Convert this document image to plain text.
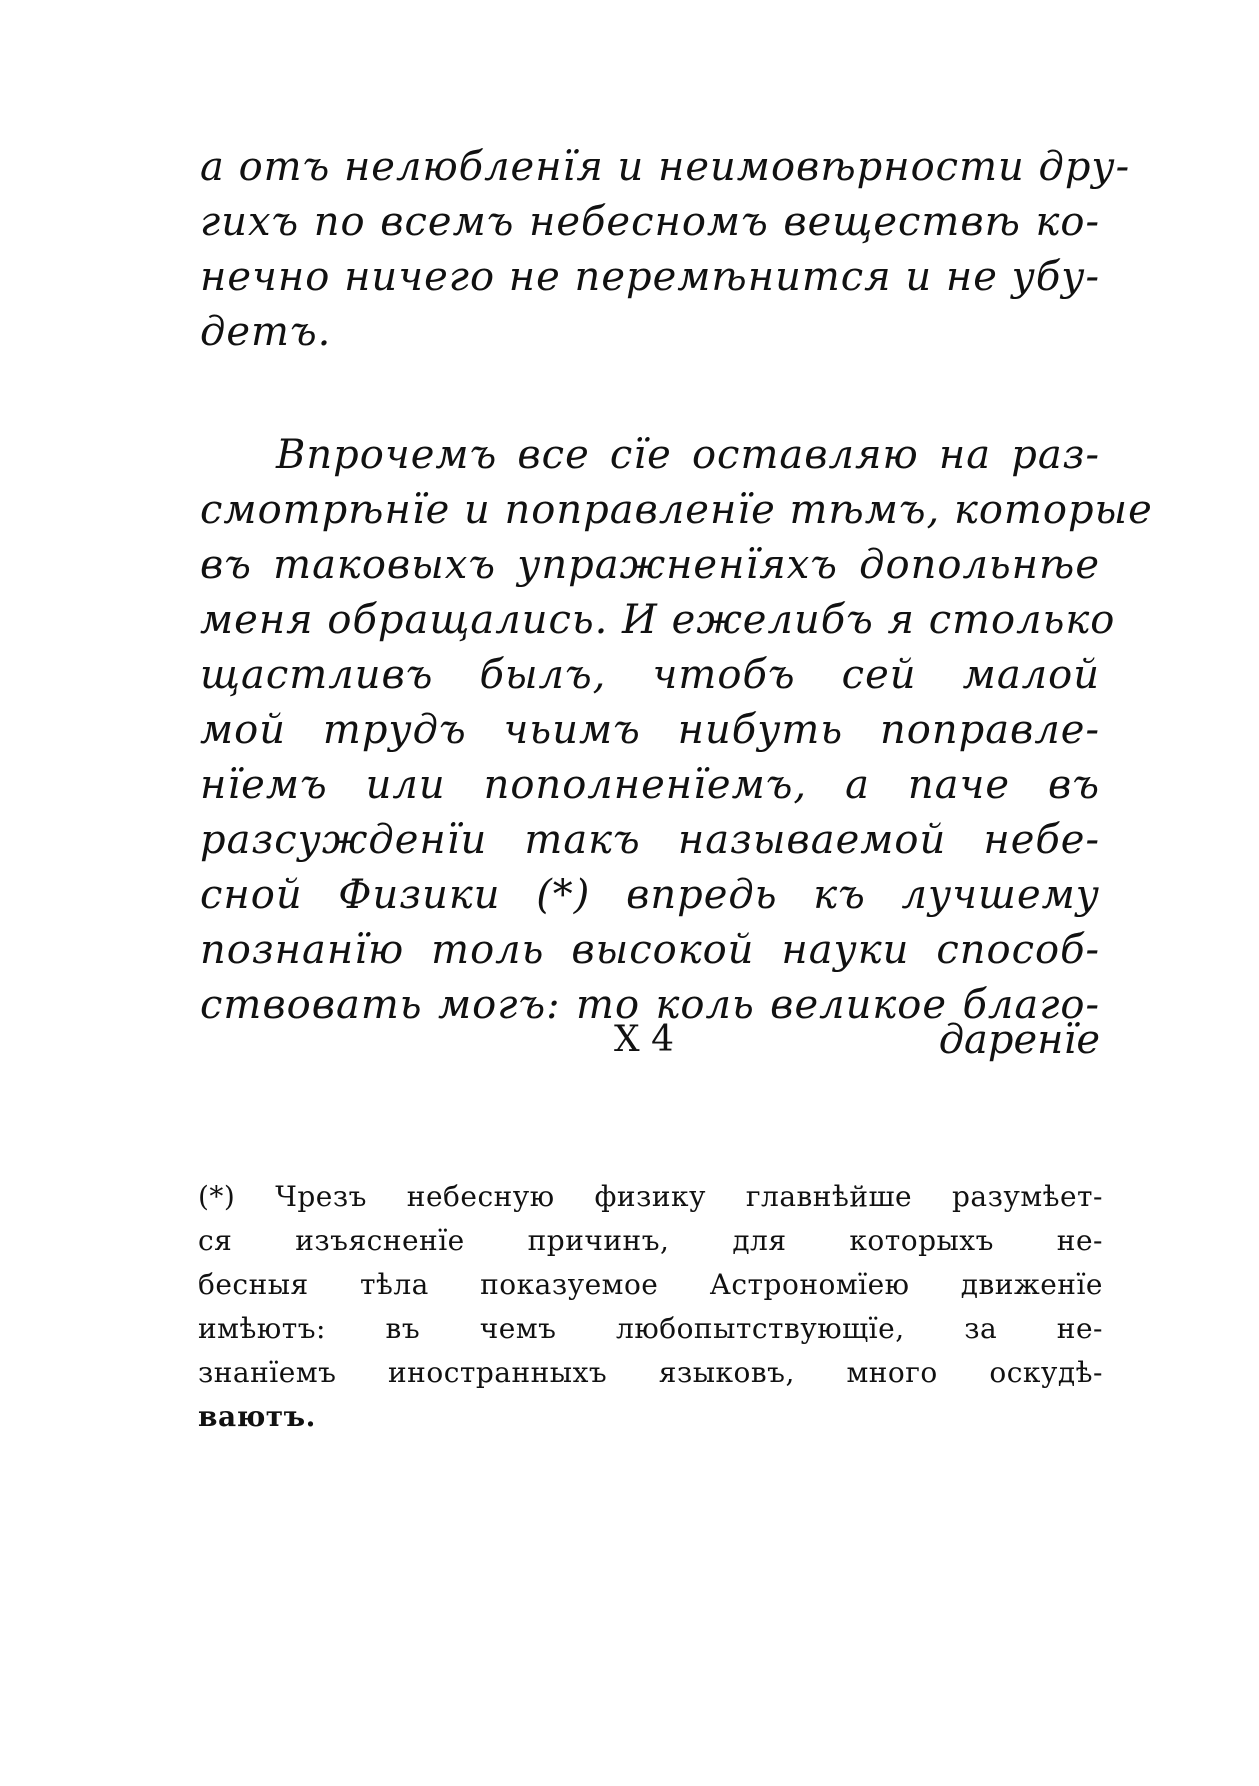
а отъ нелюбленїя и неимовѣрности дру-
гихъ по всемъ небесномъ веществѣ ко-
нечно ничего не перемѣнится и не убу-
детъ.
Впрочемъ все сїе оставляю на раз-
смотрѣнїе и поправленїе тѣмъ, которые
въ таковыхъ упражненїяхъ допольнѣе
меня обращались. И ежелибъ я столько
щастливъ былъ, чтобъ сей малой
мой трудъ чьимъ нибуть поправле-
нїемъ или пополненїемъ, а паче въ
разсужденїи такъ называемой небе-
сной Физики (*) впредь къ лучшему
познанїю толь высокой науки способ-
ствовать могъ: то коль великое благо-
Х 4	даренїе
(*) Чрезъ небесную физику главнѣйше разумѣет-
ся изъясненїе причинъ, для которыхъ не-
бесныя тѣла показуемое Астрономїею движенїе
имѣютъ: въ чемъ любопытствующїе, за не-
знанїемъ иностранныхъ языковъ, много оскудѣ-
ваютъ.
